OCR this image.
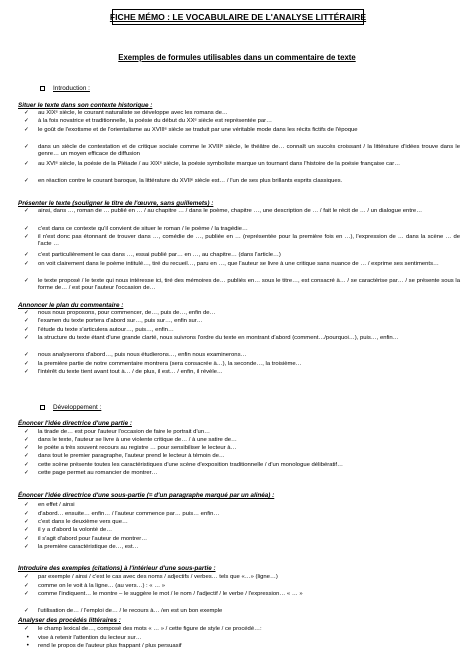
FICHE MÉMO : LE VOCABULAIRE DE L'ANALYSE LITTÉRAIRE
Exemples de formules utilisables dans un commentaire de texte
Introduction :
Situer le texte dans son contexte historique :
✓ au XIXᵉ siècle, le courant naturaliste se développe avec les romans de…
✓ à la fois novatrice et traditionnelle, la poésie du début du XXᵉ siècle est représentée par…
✓ le goût de l'exotisme et de l'orientalisme au XVIIIᵉ siècle se traduit par une véritable mode dans les récits fictifs de l'époque
✓ dans un siècle de contestation et de critique sociale comme le XVIIIᵉ siècle, le théâtre de… connaît un succès croissant / la littérature d'idées trouve dans le genre… un moyen efficace de diffusion
✓ au XVIᵉ siècle, la poésie de la Pléiade / au XIXᵉ siècle, la poésie symboliste marque un tournant dans l'histoire de la poésie française car…
✓ en réaction contre le courant baroque, la littérature du XVIIᵉ siècle est… / l'un de ses plus brillants esprits classiques.
Présenter le texte (souligner le titre de l'œuvre, sans guillemets) :
✓ ainsi, dans …, roman de … publié en … / au chapitre … / dans le poème, chapitre …, une description de … / fait le récit de … / un dialogue entre…
✓ c'est dans ce contexte qu'il convient de situer le roman / le poème / la tragédie…
✓ il n'est donc pas étonnant de trouver dans …, comédie de …, publiée en … (représentée pour la première fois en …), l'expression de … dans la scène … de l'acte …
✓ c'est particulièrement le cas dans …, essai publié par… en …, au chapitre… (dans l'article…)
✓ on voit clairement dans le poème intitulé…, tiré du recueil…, paru en …, que l'auteur se livre à une critique sans nuance de … / exprime ses sentiments…
✓ le texte proposé / le texte qui nous intéresse ici, tiré des mémoires de… publiés en… sous le titre…, est consacré à… / se caractérise par… / se présente sous la forme de… / est pour l'auteur l'occasion de…
Annoncer le plan du commentaire :
✓ nous nous proposons, pour commencer, de…, puis de…, enfin de…
✓ l'examen du texte portera d'abord sur…, puis sur…, enfin sur…
✓ l'étude du texte s'articulera autour…, puis…, enfin…
✓ la structure du texte étant d'une grande clarté, nous suivrons l'ordre du texte en montrant d'abord (comment…/pourquoi…), puis…, enfin…
✓ nous analyserons d'abord…, puis nous étudierons…, enfin nous examinerons…
✓ la première partie de notre commentaire montrera (sera consacrée à…), la seconde…, la troisième…
✓ l'intérêt du texte tient avant tout à… / de plus, il est… / enfin, il révèle…
Développement :
Énoncer l'idée directrice d'une partie :
✓ la tirade de… est pour l'auteur l'occasion de faire le portrait d'un…
✓ dans le texte, l'auteur se livre à une violente critique de… / à une satire de…
✓ le poète a très souvent recours au registre … pour sensibiliser le lecteur à…
✓ dans tout le premier paragraphe, l'auteur prend le lecteur à témoin de…
✓ cette scène présente toutes les caractéristiques d'une scène d'exposition traditionnelle / d'un monologue délibératif…
✓ cette page permet au romancier de montrer…
Énoncer l'idée directrice d'une sous-partie (= d'un paragraphe marqué par un alinéa) :
✓ en effet / ainsi
✓ d'abord… ensuite… enfin… / l'auteur commence par… puis… enfin…
✓ c'est dans le deuxième vers que…
✓ il y a d'abord la volonté de…
✓ il s'agit d'abord pour l'auteur de montrer…
✓ la première caractéristique de…, est…
Introduire des exemples (citations) à l'intérieur d'une sous-partie :
✓ par exemple / ainsi / c'est le cas avec des noms / adjectifs / verbes… tels que «…» (ligne…)
✓ comme on le voit à la ligne… (au vers…) : « … »
✓ comme l'indiquent… le montre – le suggère le mot / le nom / l'adjectif / le verbe / l'expression… « … »
✓ l'utilisation de… / l'emploi de… / le recours à… /en est un bon exemple
Analyser des procédés littéraires :
✓ le champ lexical de…, composé des mots « … » / cette figure de style / ce procédé…:
• vise à retenir l'attention du lecteur sur…
• rend le propos de l'auteur plus frappant / plus persuasif
